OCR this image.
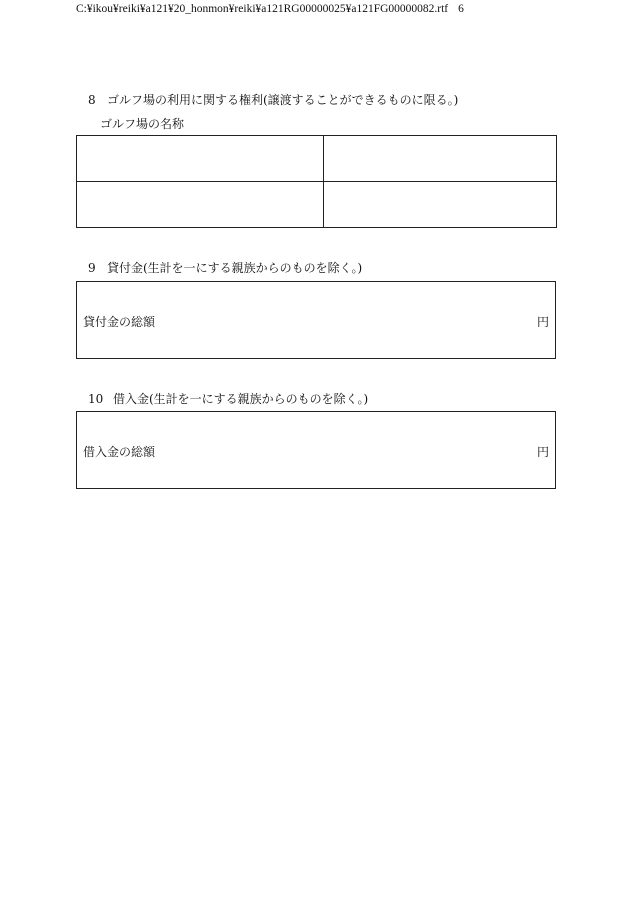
C:¥ikou¥reiki¥a121¥20_honmon¥reiki¥a121RG00000025¥a121FG00000082.rtf 6
8 ゴルフ場の利用に関する権利(譲渡することができるものに限る。)
ゴルフ場の名称

9 貸付金(生計を一にする親族からのものを除く。)
貸付金の総額	円
10 借入金(生計を一にする親族からのものを除く。)
借入金の総額	円
